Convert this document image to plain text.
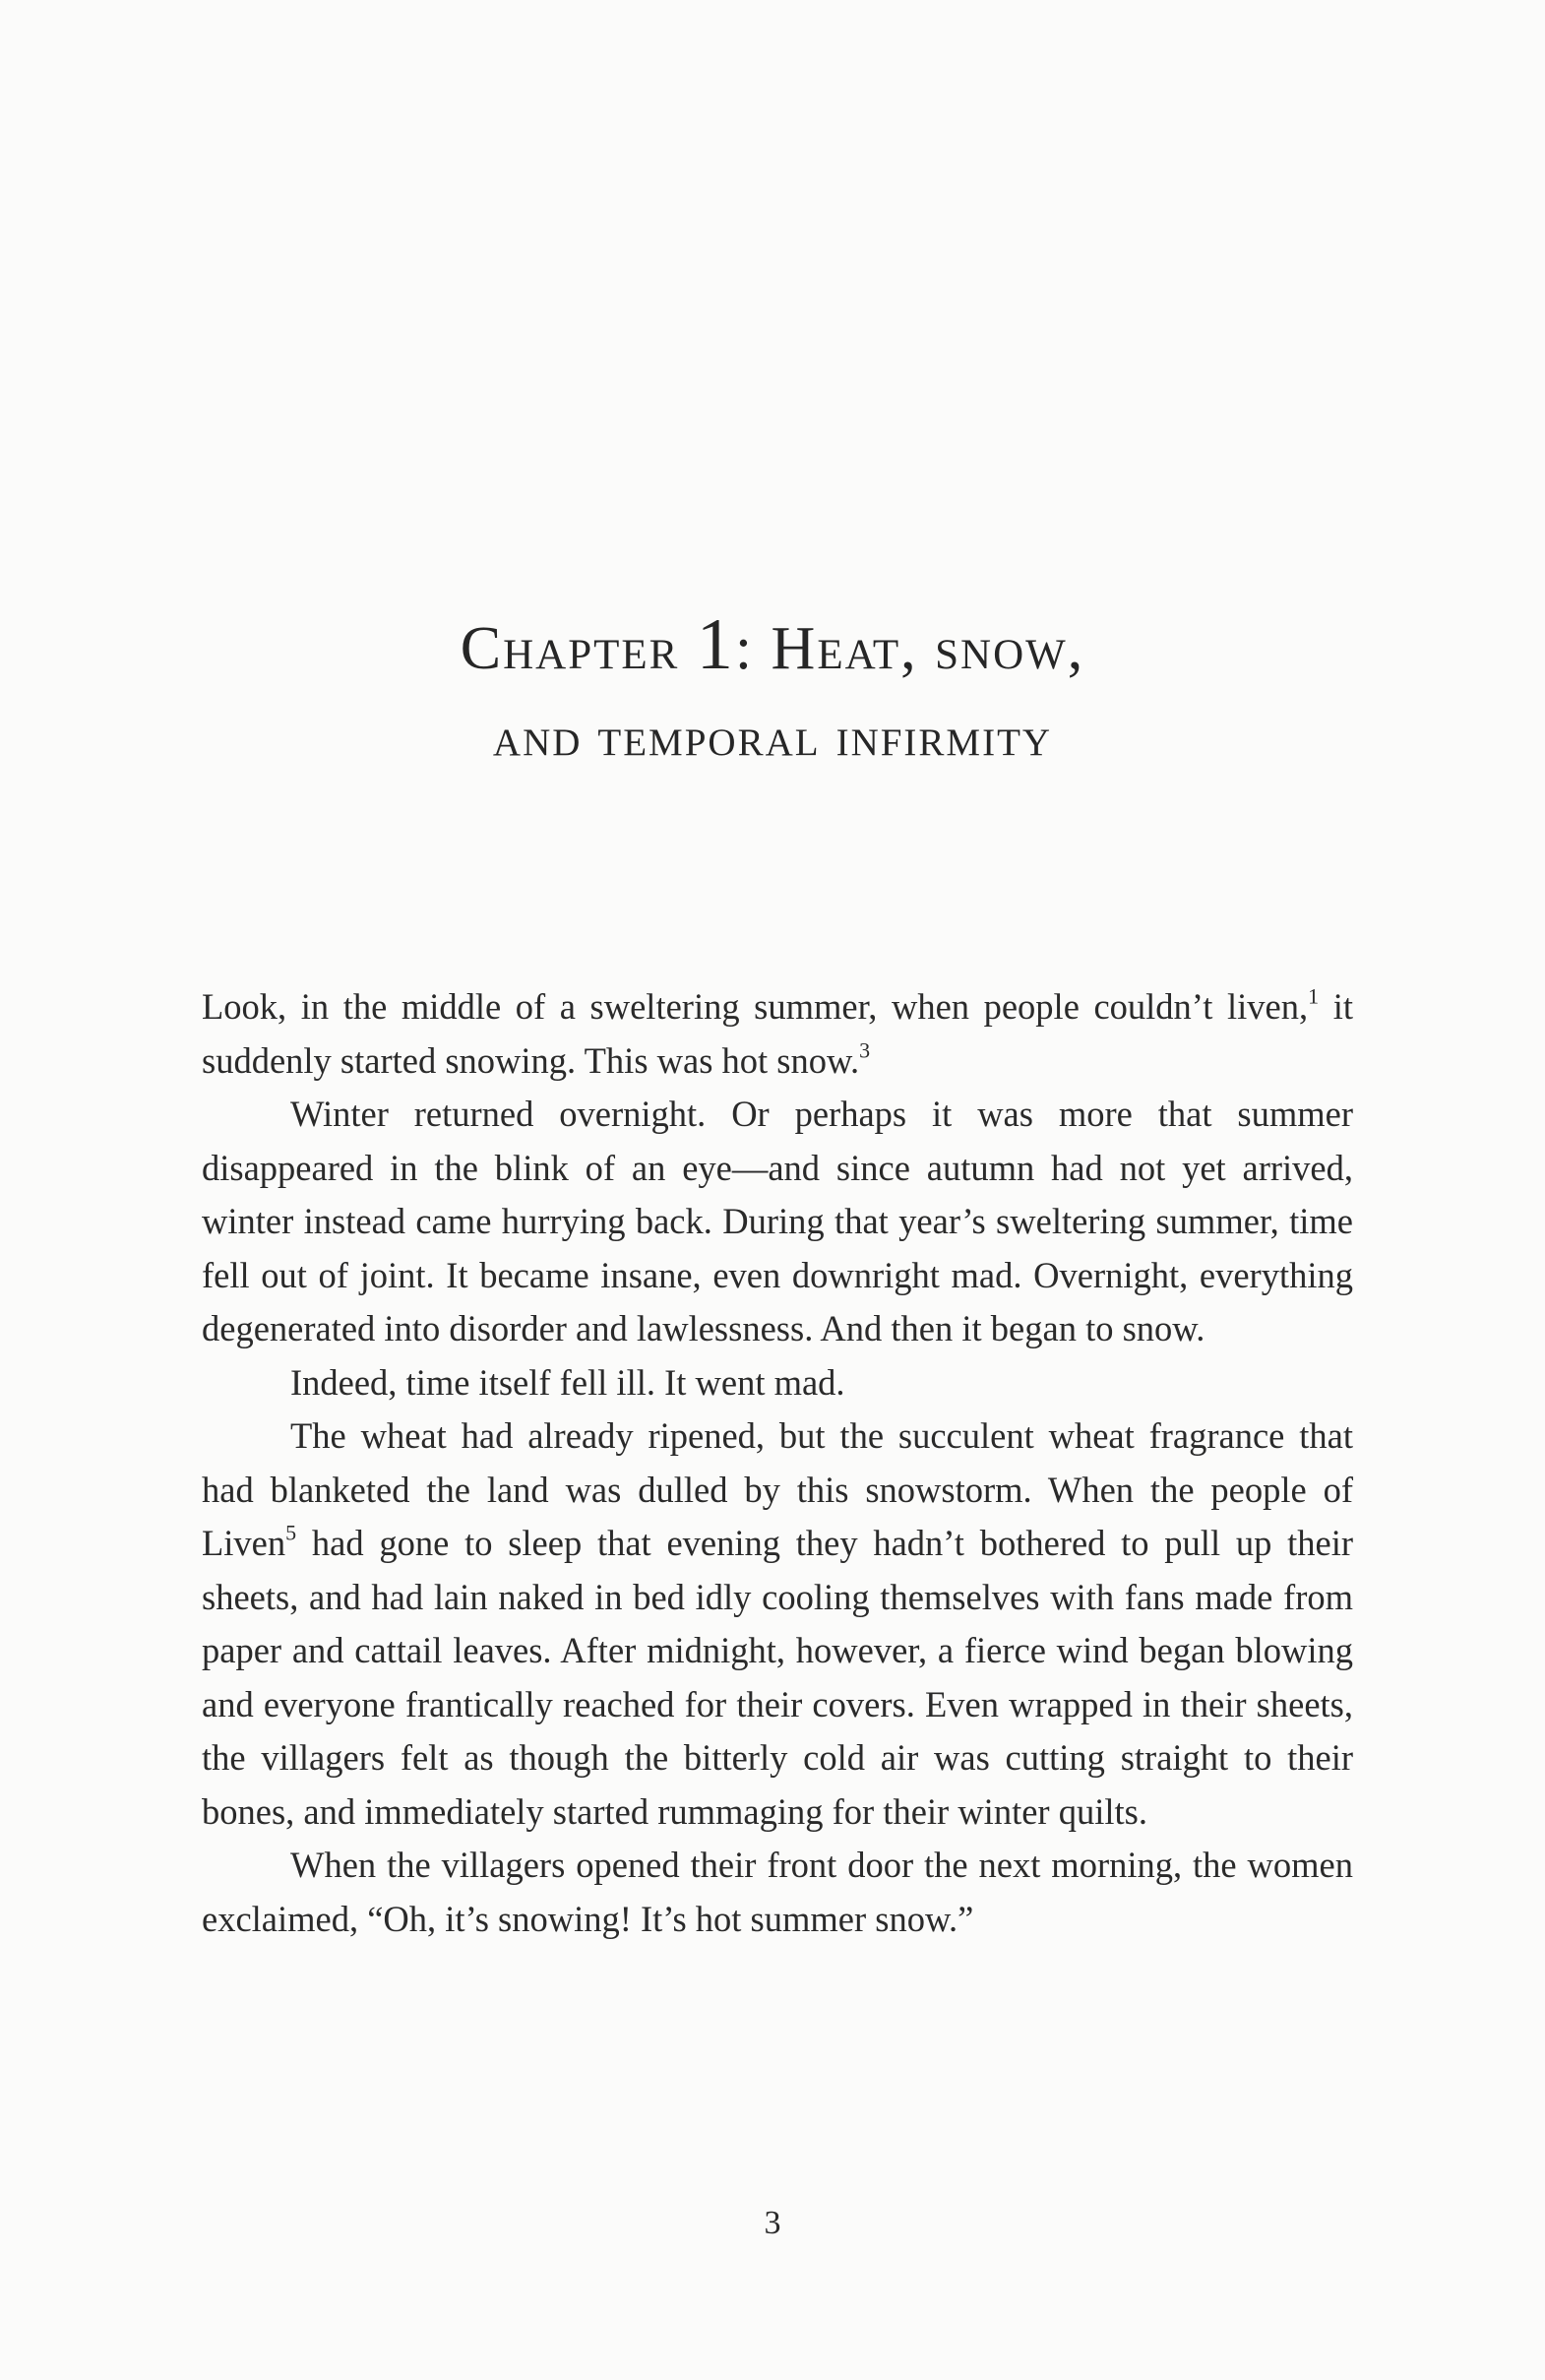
Chapter 1: Heat, snow,
and temporal infirmity

Look, in the middle of a sweltering summer, when people couldn’t liven,$^1$ it suddenly started snowing. This was hot snow.$^3$

Winter returned overnight. Or perhaps it was more that summer disappeared in the blink of an eye—and since autumn had not yet arrived, winter instead came hurrying back. During that year’s sweltering summer, time fell out of joint. It became insane, even downright mad. Overnight, everything degenerated into disorder and lawlessness. And then it began to snow.

Indeed, time itself fell ill. It went mad.

The wheat had already ripened, but the succulent wheat fragrance that had blanketed the land was dulled by this snowstorm. When the people of Liven$^5$ had gone to sleep that evening they hadn’t bothered to pull up their sheets, and had lain naked in bed idly cooling themselves with fans made from paper and cattail leaves. After midnight, however, a fierce wind began blowing and everyone frantically reached for their covers. Even wrapped in their sheets, the villagers felt as though the bitterly cold air was cutting straight to their bones, and immediately started rummaging for their winter quilts.

When the villagers opened their front door the next morning, the women exclaimed, “Oh, it’s snowing! It’s hot summer snow.”

3
